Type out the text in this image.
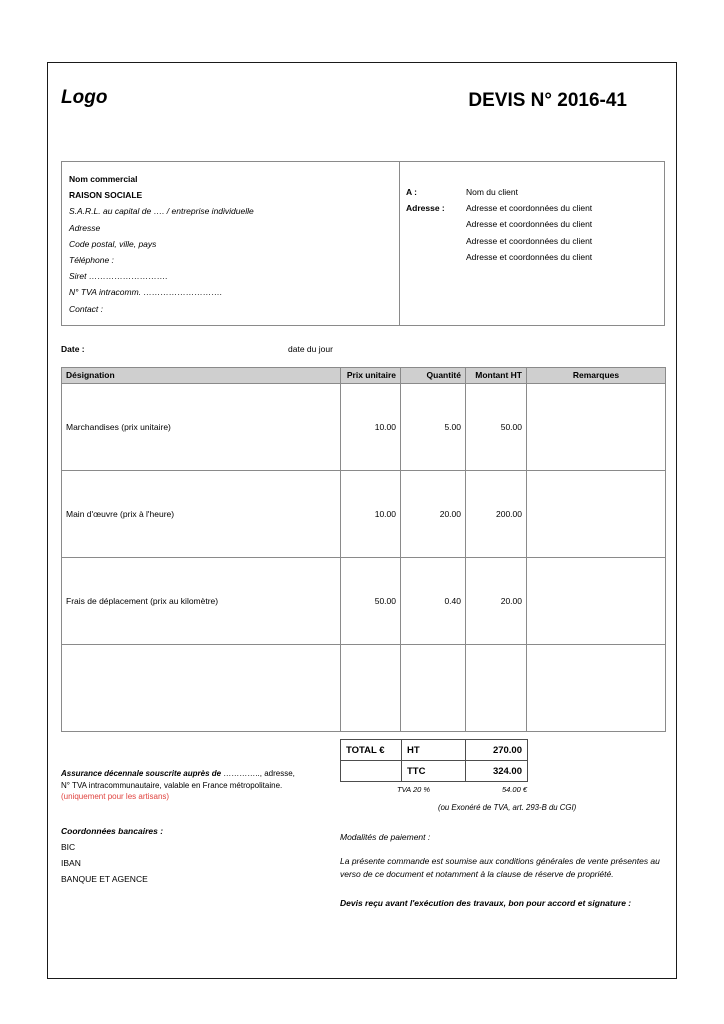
Logo	DEVIS N° 2016-41
Nom commercial
RAISON SOCIALE
S.A.R.L. au capital de …. / entreprise individuelle
Adresse
Code postal, ville, pays
Téléphone :
Siret ……………………….
N° TVA intracomm. ……………………….
Contact :
A :	Nom du client
Adresse :	Adresse et coordonnées du client
Adresse et coordonnées du client
Adresse et coordonnées du client
Adresse et coordonnées du client
Date :	date du jour
Désignation	Prix unitaire	Quantité	Montant HT	Remarques
Marchandises (prix unitaire)	10.00	5.00	50.00	
Main d'œuvre (prix à l'heure)	10.00	20.00	200.00	
Frais de déplacement (prix au kilomètre)	50.00	0.40	20.00	

Assurance décennale souscrite auprès de ………….., adresse,
N° TVA intracommunautaire, valable en France métropolitaine.
(uniquement pour les artisans)
Coordonnées bancaires :
BIC
IBAN
BANQUE ET AGENCE
TOTAL €	HT	270.00
	TTC	324.00
TVA 20 %	54.00 €
(ou Exonéré de TVA, art. 293-B du CGI)
Modalités de paiement :
La présente commande est soumise aux conditions générales de vente présentes au verso de ce document et notamment à la clause de réserve de propriété.
Devis reçu avant l'exécution des travaux, bon pour accord et signature :
